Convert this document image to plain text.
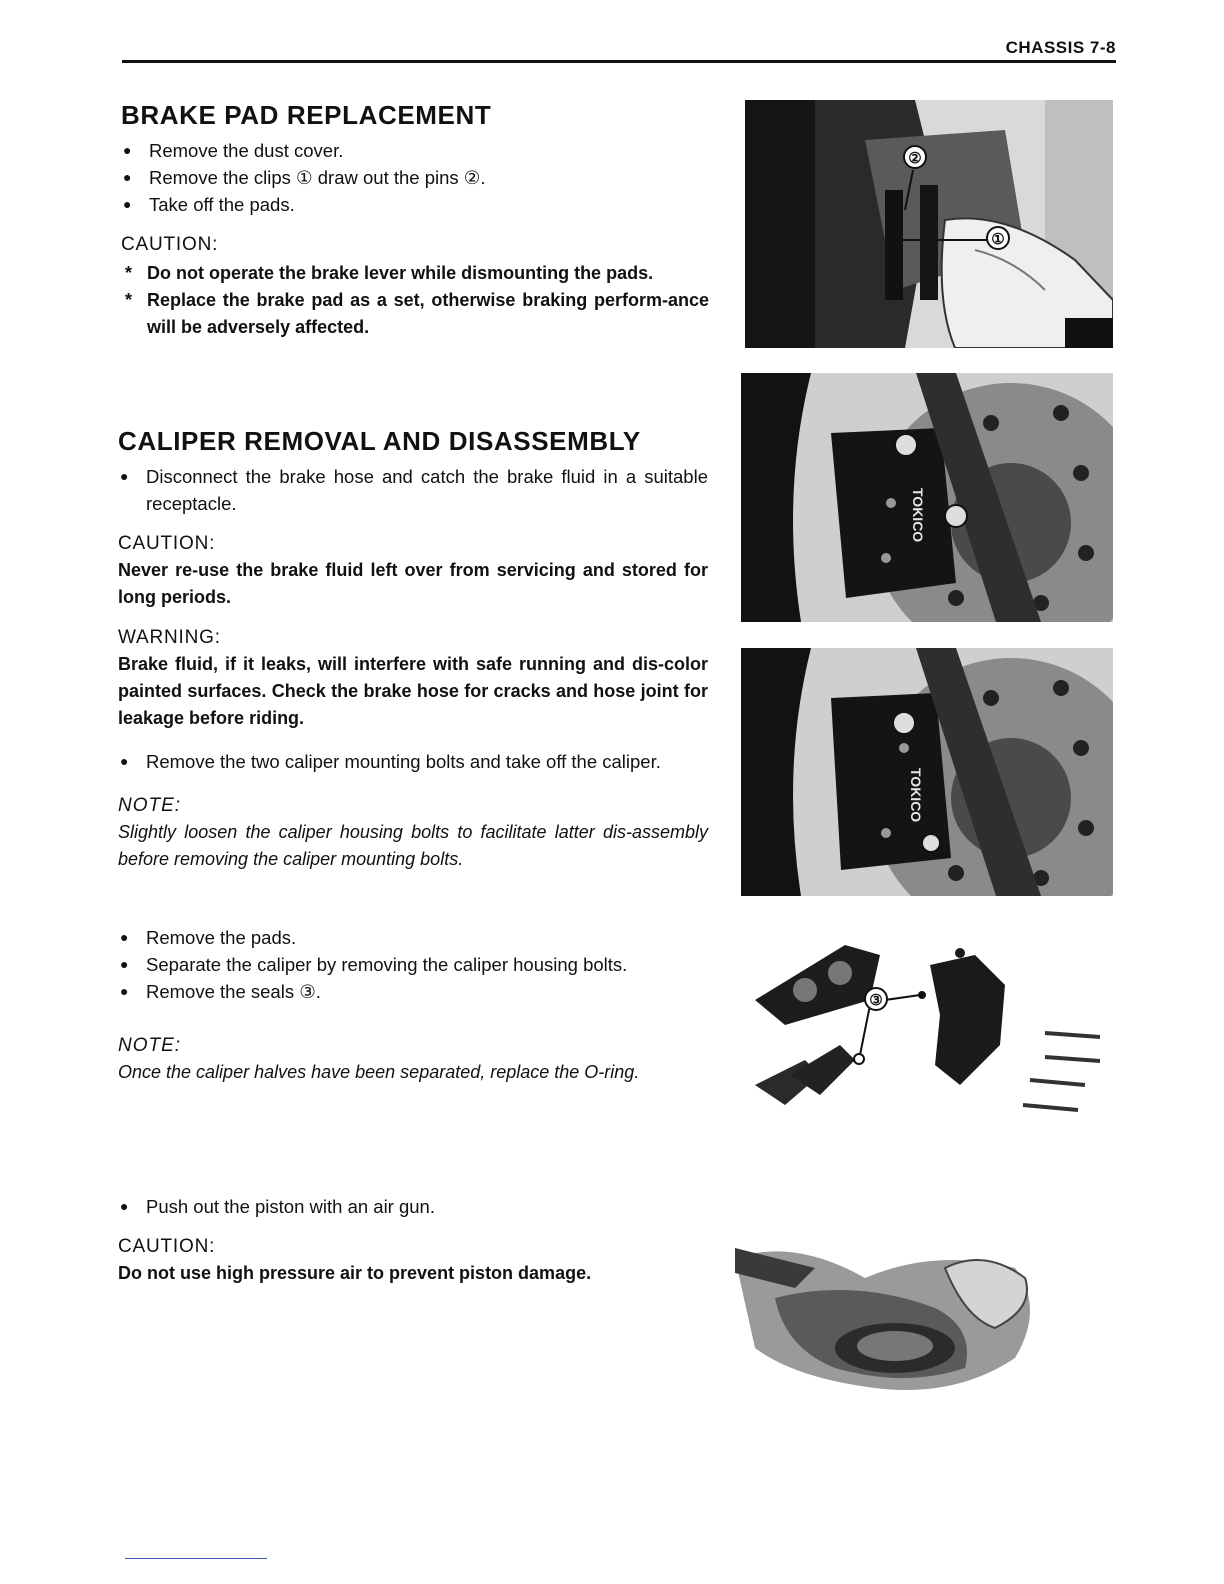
CHASSIS 7-8
BRAKE PAD REPLACEMENT
● Remove the dust cover.
● Remove the clips ① draw out the pins ②.
● Take off the pads.
CAUTION:
* Do not operate the brake lever while dismounting the pads.
* Replace the brake pad as a set, otherwise braking perform-ance will be adversely affected.
CALIPER REMOVAL AND DISASSEMBLY
● Disconnect the brake hose and catch the brake fluid in a suitable receptacle.
CAUTION:
Never re-use the brake fluid left over from servicing and stored for long periods.
WARNING:
Brake fluid, if it leaks, will interfere with safe running and dis-color painted surfaces. Check the brake hose for cracks and hose joint for leakage before riding.
● Remove the two caliper mounting bolts and take off the caliper.
NOTE:
Slightly loosen the caliper housing bolts to facilitate latter dis-assembly before removing the caliper mounting bolts.
● Remove the pads.
● Separate the caliper by removing the caliper housing bolts.
● Remove the seals ③.
NOTE:
Once the caliper halves have been separated, replace the O-ring.
● Push out the piston with an air gun.
CAUTION:
Do not use high pressure air to prevent piston damage.
②
①
TOKICO
TOKICO
③
